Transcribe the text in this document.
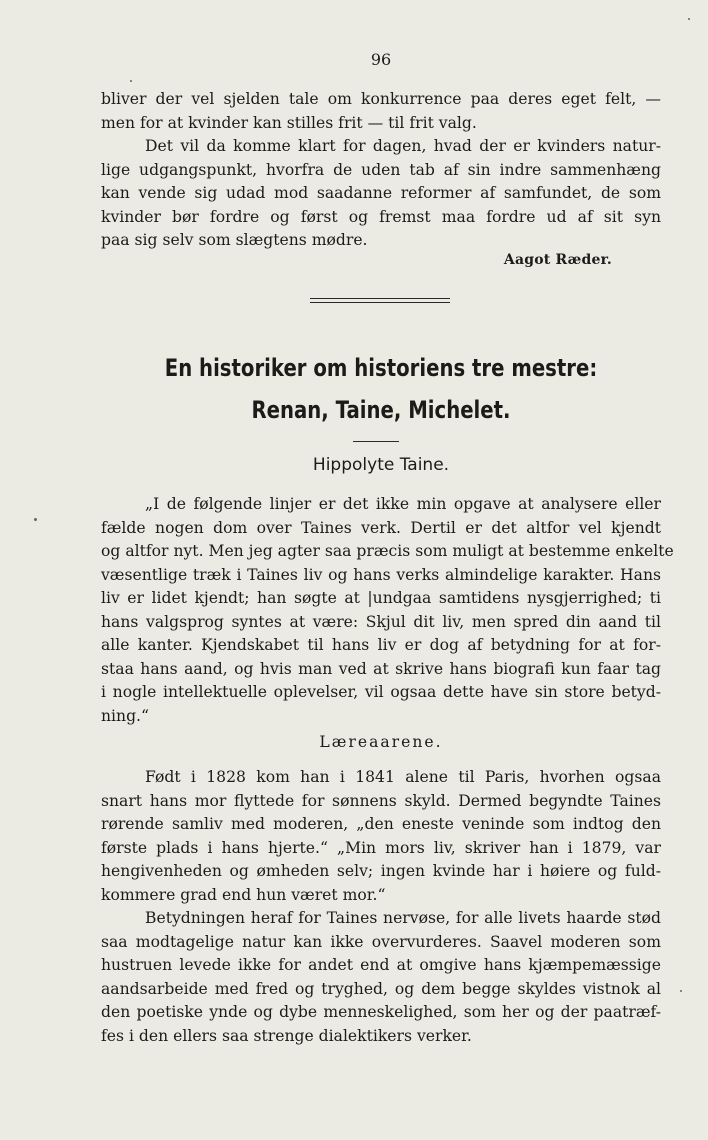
96
bliver der vel sjelden tale om konkurrence paa deres eget felt, —
men for at kvinder kan stilles frit — til frit valg.
Det vil da komme klart for dagen, hvad der er kvinders natur-
lige udgangspunkt, hvorfra de uden tab af sin indre sammenhæng
kan vende sig udad mod saadanne reformer af samfundet, de som
kvinder bør fordre og først og fremst maa fordre ud af sit syn
paa sig selv som slægtens mødre.
Aagot Ræder.
En historiker om historiens tre mestre:
Renan, Taine, Michelet.
Hippolyte Taine.
„I de følgende linjer er det ikke min opgave at analysere eller
fælde nogen dom over Taines verk. Dertil er det altfor vel kjendt
og altfor nyt. Men jeg agter saa præcis som muligt at bestemme enkelte
væsentlige træk i Taines liv og hans verks almindelige karakter. Hans
liv er lidet kjendt; han søgte at |undgaa samtidens nysgjerrighed; ti
hans valgsprog syntes at være: Skjul dit liv, men spred din aand til
alle kanter. Kjendskabet til hans liv er dog af betydning for at for-
staa hans aand, og hvis man ved at skrive hans biografi kun faar tag
i nogle intellektuelle oplevelser, vil ogsaa dette have sin store betyd-
ning.“
Læreaarene.
Født i 1828 kom han i 1841 alene til Paris, hvorhen ogsaa
snart hans mor flyttede for sønnens skyld. Dermed begyndte Taines
rørende samliv med moderen, „den eneste veninde som indtog den
første plads i hans hjerte.“ „Min mors liv, skriver han i 1879, var
hengivenheden og ømheden selv; ingen kvinde har i høiere og fuld-
kommere grad end hun været mor.“
Betydningen heraf for Taines nervøse, for alle livets haarde stød
saa modtagelige natur kan ikke overvurderes. Saavel moderen som
hustruen levede ikke for andet end at omgive hans kjæmpemæssige
aandsarbeide med fred og tryghed, og dem begge skyldes vistnok al
den poetiske ynde og dybe menneskelighed, som her og der paatræf-
fes i den ellers saa strenge dialektikers verker.
